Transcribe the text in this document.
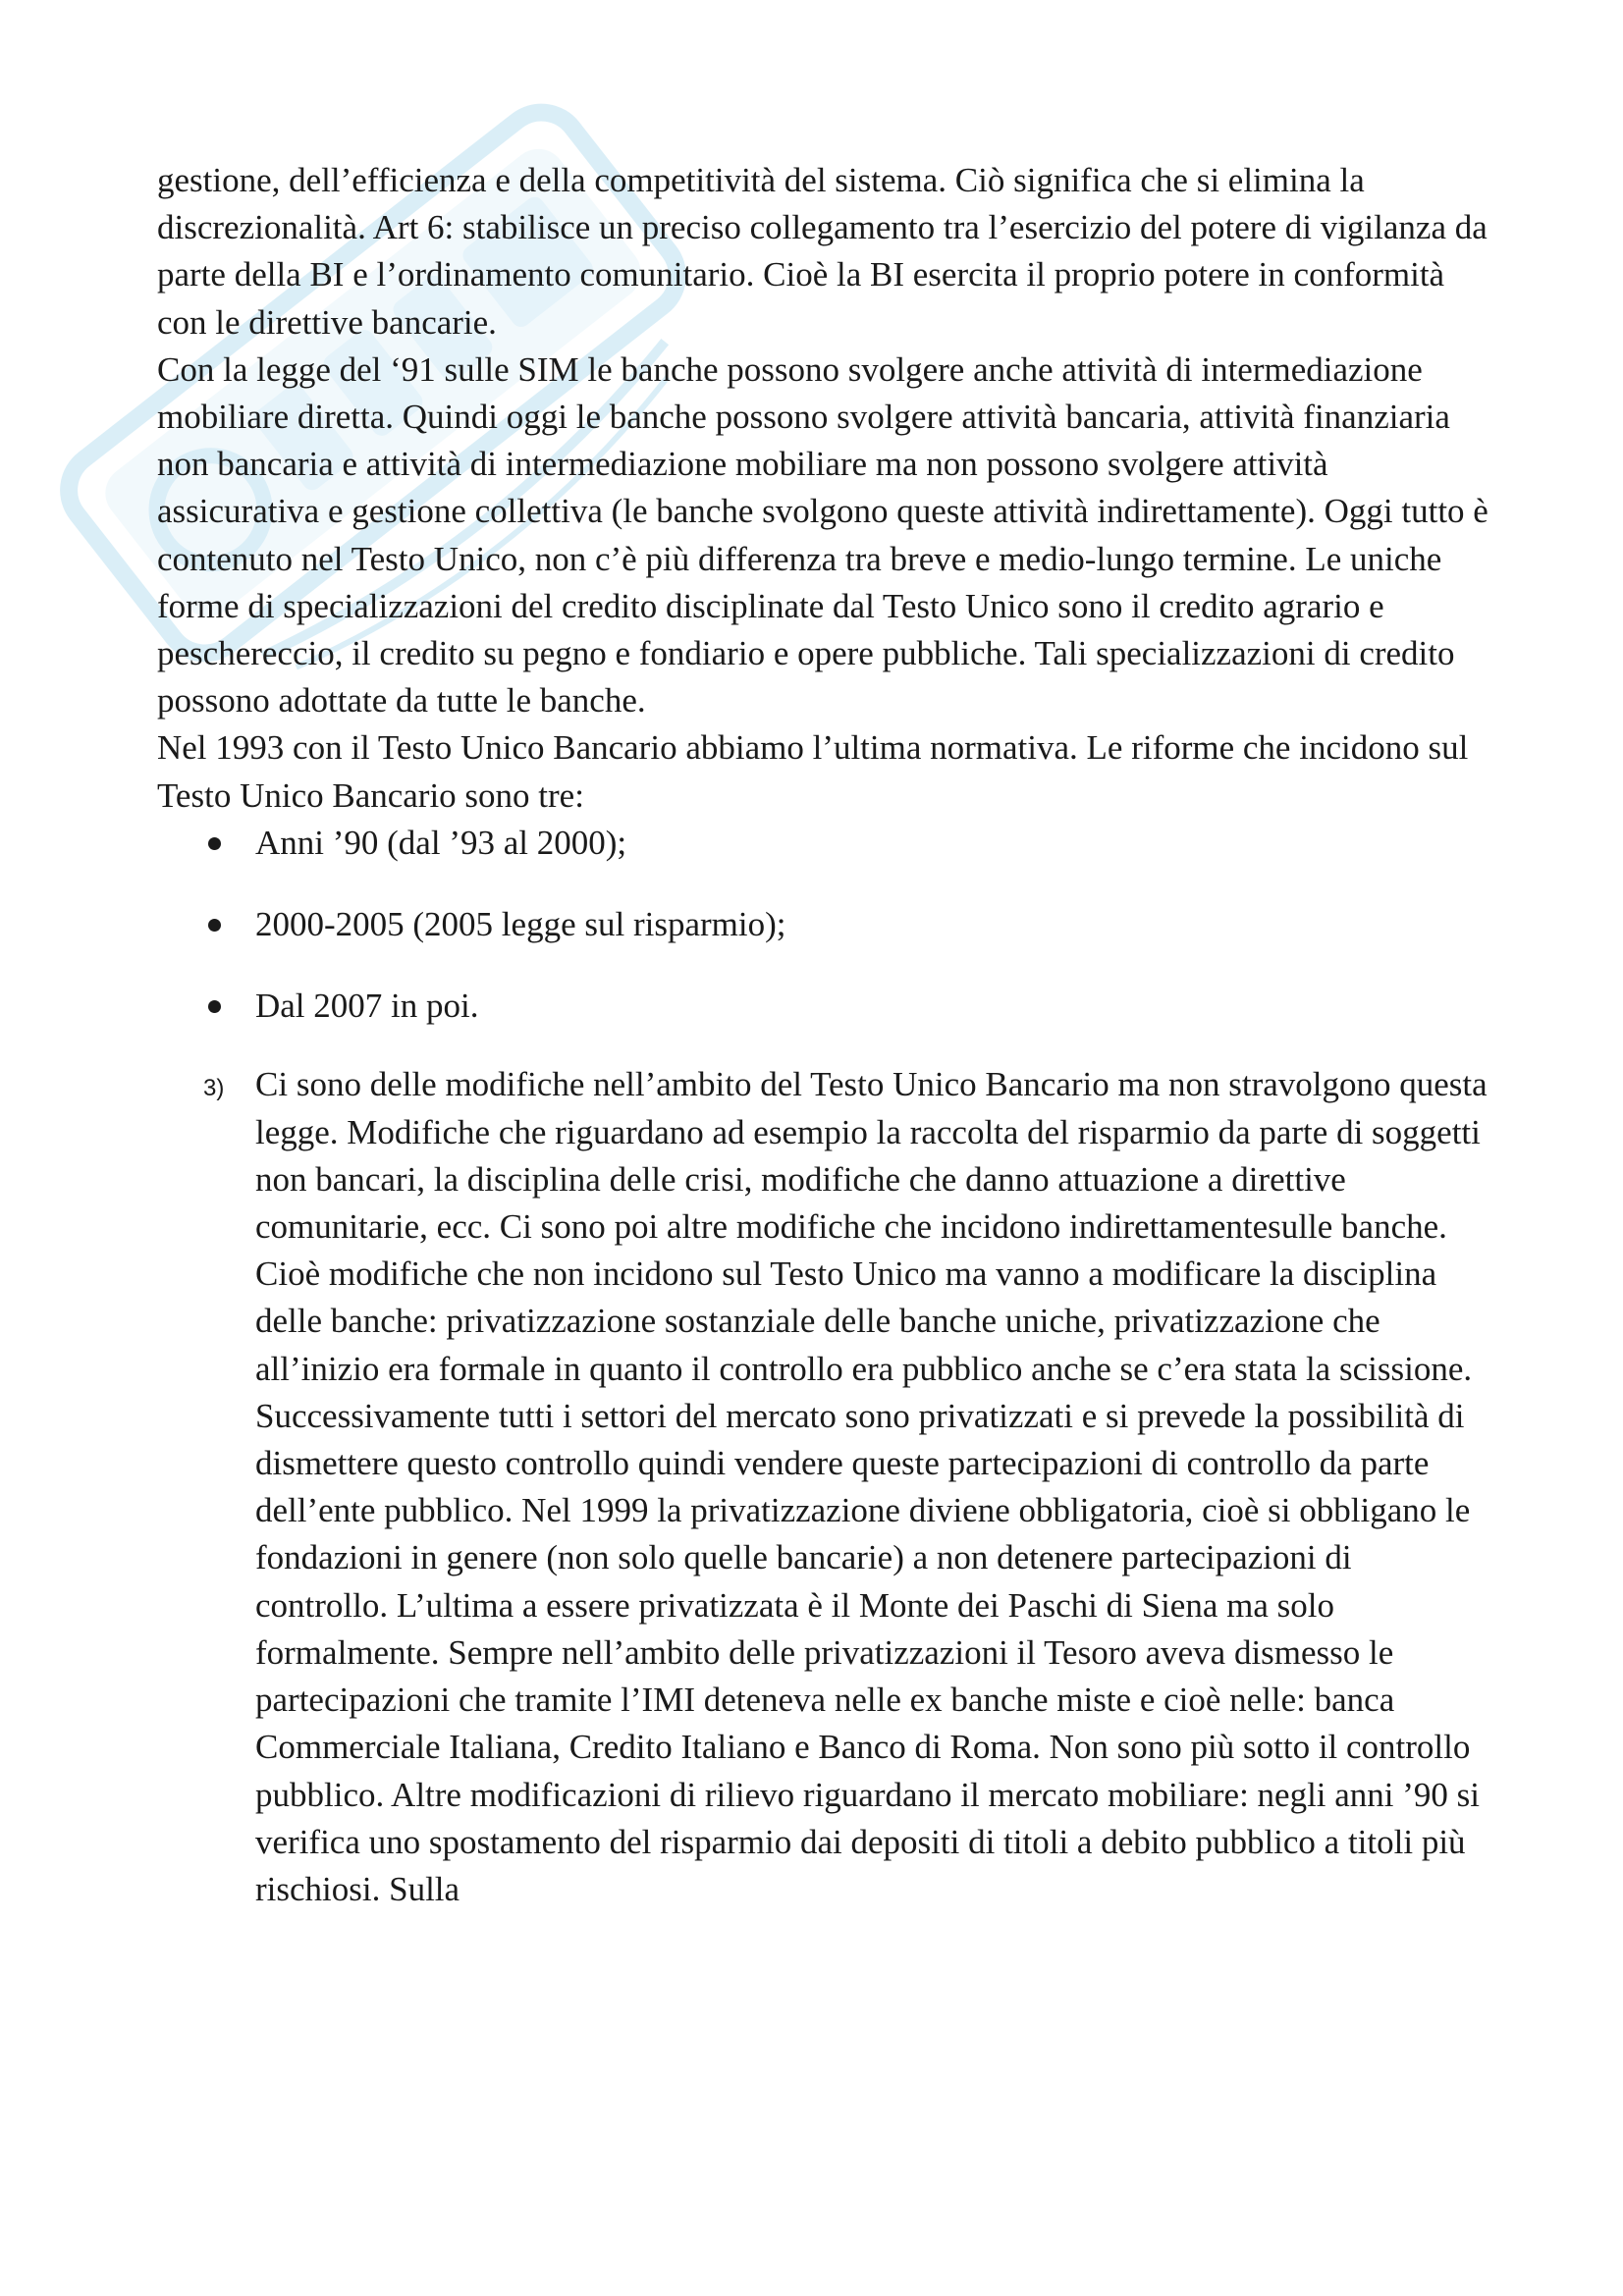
gestione, dell’efficienza e della competitività del sistema. Ciò significa che si elimina la discrezionalità. Art 6: stabilisce un preciso collegamento tra l’esercizio del potere di vigilanza da parte della BI e l’ordinamento comunitario. Cioè la BI esercita il proprio potere in conformità con le direttive bancarie.

Con la legge del ‘91 sulle SIM le banche possono svolgere anche attività di intermediazione mobiliare diretta. Quindi oggi le banche possono svolgere attività bancaria, attività finanziaria non bancaria e attività di intermediazione mobiliare ma non possono svolgere attività assicurativa e gestione collettiva (le banche svolgono queste attività indirettamente). Oggi tutto è contenuto nel Testo Unico, non c’è più differenza tra breve e medio-lungo termine. Le uniche forme di specializzazioni del credito disciplinate dal Testo Unico sono il credito agrario e peschereccio, il credito su pegno e fondiario e opere pubbliche. Tali specializzazioni di credito possono adottate da tutte le banche.

Nel 1993 con il Testo Unico Bancario abbiamo l’ultima normativa. Le riforme che incidono sul Testo Unico Bancario sono tre:

Anni ’90 (dal ’93 al 2000);
2000-2005 (2005 legge sul risparmio);
Dal 2007 in poi.
3) Ci sono delle modifiche nell’ambito del Testo Unico Bancario ma non stravolgono questa legge. Modifiche che riguardano ad esempio la raccolta del risparmio da parte di soggetti non bancari, la disciplina delle crisi, modifiche che danno attuazione a direttive comunitarie, ecc. Ci sono poi altre modifiche che incidono indirettamentesulle banche. Cioè modifiche che non incidono sul Testo Unico ma vanno a modificare la disciplina delle banche: privatizzazione sostanziale delle banche uniche, privatizzazione che all’inizio era formale in quanto il controllo era pubblico anche se c’era stata la scissione. Successivamente tutti i settori del mercato sono privatizzati e si prevede la possibilità di dismettere questo controllo quindi vendere queste partecipazioni di controllo da parte dell’ente pubblico. Nel 1999 la privatizzazione diviene obbligatoria, cioè si obbligano le fondazioni in genere (non solo quelle bancarie) a non detenere partecipazioni di controllo. L’ultima a essere privatizzata è il Monte dei Paschi di Siena ma solo formalmente. Sempre nell’ambito delle privatizzazioni il Tesoro aveva dismesso le partecipazioni che tramite l’IMI deteneva nelle ex banche miste e cioè nelle: banca Commerciale Italiana, Credito Italiano e Banco di Roma. Non sono più sotto il controllo pubblico. Altre modificazioni di rilievo riguardano il mercato mobiliare: negli anni ’90 si verifica uno spostamento del risparmio dai depositi di titoli a debito pubblico a titoli più rischiosi. Sulla
